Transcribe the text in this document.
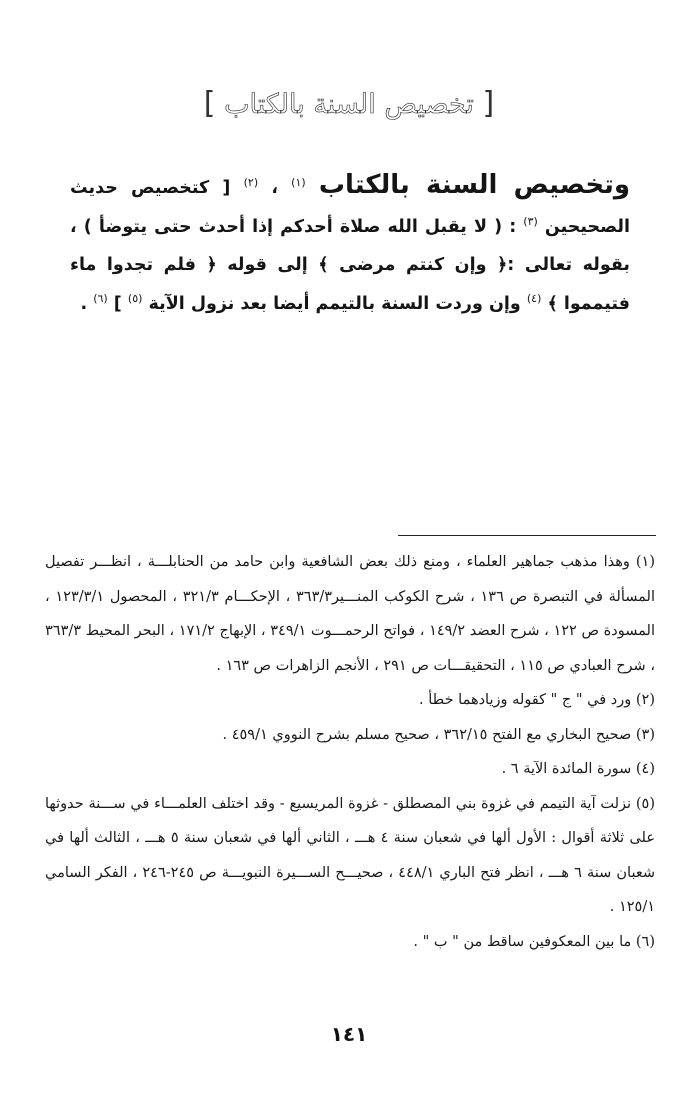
[ تخصيص السنة بالكتاب ]
وتخصيص السنة بالكتاب $^{(١)}$ ، $^{(٢)}$ [ كتخصيص حديث الصحيحين $^{(٣)}$ : ( لا يقبل الله صلاة أحدكم إذا أحدث حتى يتوضأ ) ، بقوله تعالى :﴿ وإن كنتم مرضى ﴾ إلى قوله ﴿ فلم تجدوا ماء فتيمموا ﴾ $^{(٤)}$ وإن وردت السنة بالتيمم أيضا بعد نزول الآية $^{(٥)}$ ] $^{(٦)}$ .

(١) وهذا مذهب جماهير العلماء ، ومنع ذلك بعض الشافعية وابن حامد من الحنابلـــة ، انظـــر تفصيل المسألة في التبصرة ص ١٣٦ ، شرح الكوكب المنـــير٣٦٣/٣ ، الإحكـــام ٣٢١/٣ ، المحصول ١٢٣/٣/١ ، المسودة ص ١٢٢ ، شرح العضد ١٤٩/٢ ، فواتح الرحمـــوت ٣٤٩/١ ، الإبهاج ١٧١/٢ ، البحر المحيط ٣٦٣/٣ ، شرح العبادي ص ١١٥ ، التحقيقـــات ص ٢٩١ ، الأنجم الزاهرات ص ١٦٣ .

(٢) ورد في " ج " كقوله وزيادهما خطأ .

(٣) صحيح البخاري مع الفتح ٣٦٢/١٥ ، صحيح مسلم بشرح النووي ٤٥٩/١ .

(٤) سورة المائدة الآية ٦ .

(٥) نزلت آية التيمم في غزوة بني المصطلق - غزوة المريسيع - وقد اختلف العلمـــاء في ســـنة حدوثها على ثلاثة أقوال : الأول ألها في شعبان سنة ٤ هـــ ، الثاني ألها في شعبان سنة ٥ هـــ ، الثالث ألها في شعبان سنة ٦ هـــ ، انظر فتح الباري ٤٤٨/١ ، صحيـــح الســـيرة النبويـــة ص ٢٤٥-٢٤٦ ، الفكر السامي ١٢٥/١ .

(٦) ما بين المعكوفين ساقط من " ب " .

١٤١
